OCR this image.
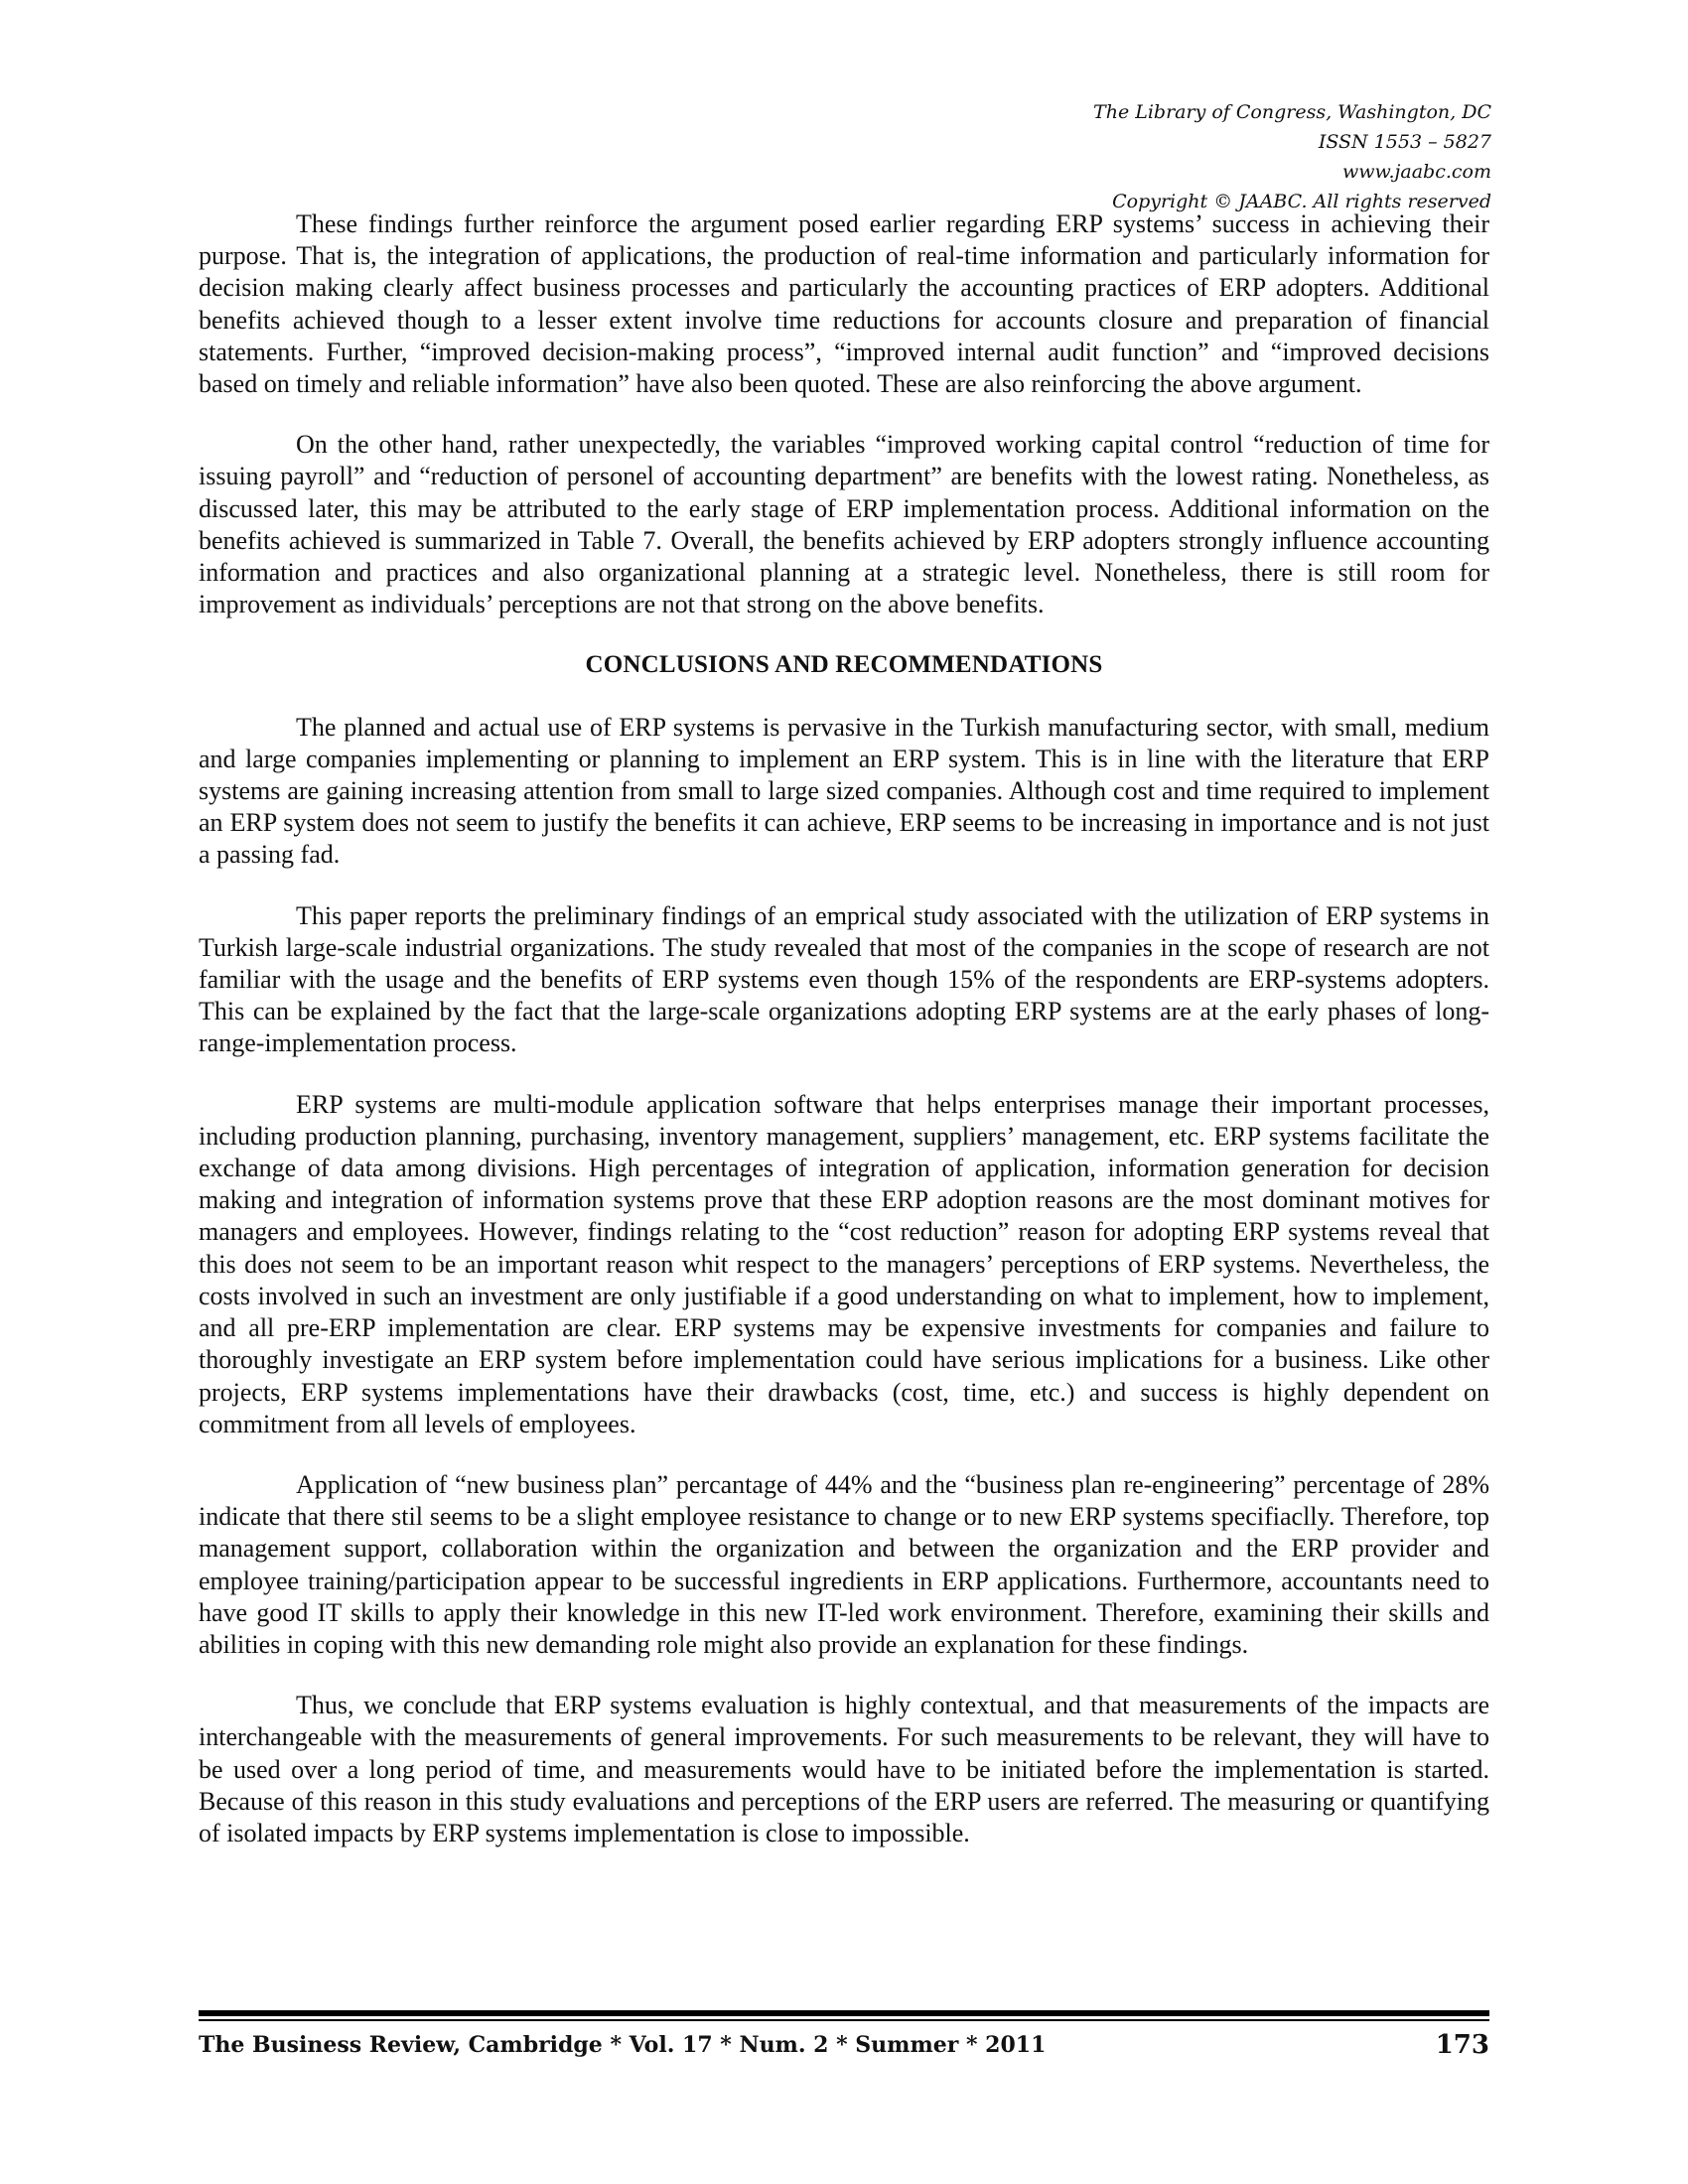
The Library of Congress, Washington, DC
ISSN 1553 – 5827
www.jaabc.com
Copyright © JAABC. All rights reserved

These findings further reinforce the argument posed earlier regarding ERP systems’ success in achieving their purpose. That is, the integration of applications, the production of real-time information and particularly information for decision making clearly affect business processes and particularly the accounting practices of ERP adopters. Additional benefits achieved though to a lesser extent involve time reductions for accounts closure and preparation of financial statements. Further, “improved decision-making process”, “improved internal audit function” and “improved decisions based on timely and reliable information” have also been quoted. These are also reinforcing the above argument.

On the other hand, rather unexpectedly, the variables “improved working capital control “reduction of time for issuing payroll” and “reduction of personel of accounting department” are benefits with the lowest rating. Nonetheless, as discussed later, this may be attributed to the early stage of ERP implementation process. Additional information on the benefits achieved is summarized in Table 7. Overall, the benefits achieved by ERP adopters strongly influence accounting information and practices and also organizational planning at a strategic level. Nonetheless, there is still room for improvement as individuals’ perceptions are not that strong on the above benefits.

CONCLUSIONS AND RECOMMENDATIONS

The planned and actual use of ERP systems is pervasive in the Turkish manufacturing sector, with small, medium and large companies implementing or planning to implement an ERP system. This is in line with the literature that ERP systems are gaining increasing attention from small to large sized companies. Although cost and time required to implement an ERP system does not seem to justify the benefits it can achieve, ERP seems to be increasing in importance and is not just a passing fad.

This paper reports the preliminary findings of an emprical study associated with the utilization of ERP systems in Turkish large-scale industrial organizations. The study revealed that most of the companies in the scope of research are not familiar with the usage and the benefits of ERP systems even though 15% of the respondents are ERP-systems adopters. This can be explained by the fact that the large-scale organizations adopting ERP systems are at the early phases of long-range-implementation process.

ERP systems are multi-module application software that helps enterprises manage their important processes, including production planning, purchasing, inventory management, suppliers’ management, etc. ERP systems facilitate the exchange of data among divisions. High percentages of integration of application, information generation for decision making and integration of information systems prove that these ERP adoption reasons are the most dominant motives for managers and employees. However, findings relating to the “cost reduction” reason for adopting ERP systems reveal that this does not seem to be an important reason whit respect to the managers’ perceptions of ERP systems. Nevertheless, the costs involved in such an investment are only justifiable if a good understanding on what to implement, how to implement, and all pre-ERP implementation are clear. ERP systems may be expensive investments for companies and failure to thoroughly investigate an ERP system before implementation could have serious implications for a business. Like other projects, ERP systems implementations have their drawbacks (cost, time, etc.) and success is highly dependent on commitment from all levels of employees.

Application of “new business plan” percantage of 44% and the “business plan re-engineering” percentage of 28% indicate that there stil seems to be a slight employee resistance to change or to new ERP systems specifiaclly. Therefore, top management support, collaboration within the organization and between the organization and the ERP provider and employee training/participation appear to be successful ingredients in ERP applications. Furthermore, accountants need to have good IT skills to apply their knowledge in this new IT-led work environment. Therefore, examining their skills and abilities in coping with this new demanding role might also provide an explanation for these findings.

Thus, we conclude that ERP systems evaluation is highly contextual, and that measurements of the impacts are interchangeable with the measurements of general improvements. For such measurements to be relevant, they will have to be used over a long period of time, and measurements would have to be initiated before the implementation is started. Because of this reason in this study evaluations and perceptions of the ERP users are referred. The measuring or quantifying of isolated impacts by ERP systems implementation is close to impossible.

The Business Review, Cambridge * Vol. 17 * Num. 2 * Summer * 2011	173
